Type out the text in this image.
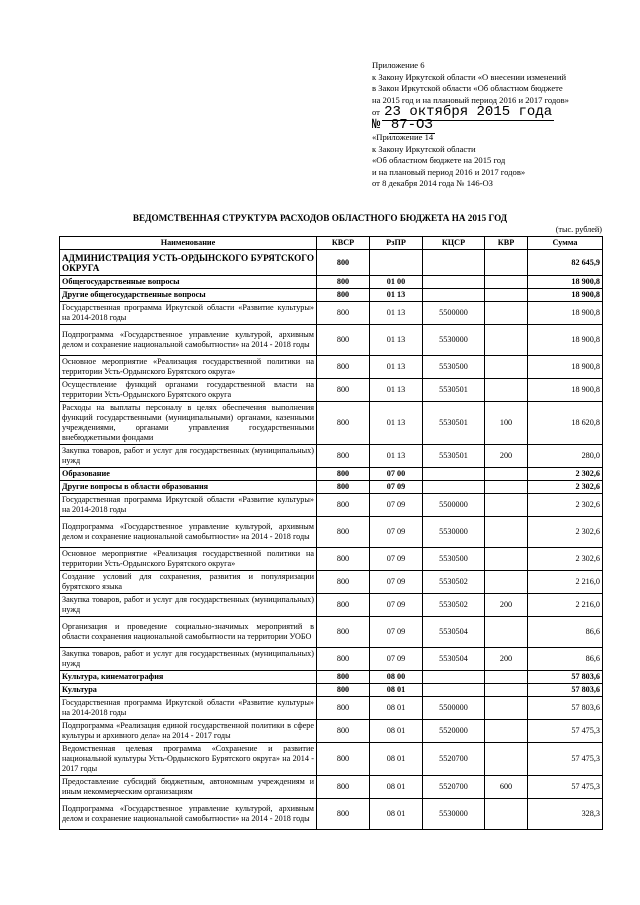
Приложение 6
к Закону Иркутской области «О внесении изменений
в Закон Иркутской области «Об областном бюджете
на 2015 год и на плановый период 2016 и 2017 годов»
от 23 октября 2015 года
№ 87-ОЗ
«Приложение 14
к Закону Иркутской области
«Об областном бюджете на 2015 год
и на плановый период 2016 и 2017 годов»
от 8 декабря 2014 года № 146-ОЗ
ВЕДОМСТВЕННАЯ СТРУКТУРА РАСХОДОВ ОБЛАСТНОГО БЮДЖЕТА НА 2015 ГОД
(тыс. рублей)
Наименование	КВСР	РзПР	КЦСР	КВР	Сумма
АДМИНИСТРАЦИЯ УСТЬ-ОРДЫНСКОГО БУРЯТСКОГО ОКРУГА	800				82 645,9
Общегосударственные вопросы	800	01 00			18 900,8
Другие общегосударственные вопросы	800	01 13			18 900,8
Государственная программа Иркутской области «Развитие культуры» на 2014-2018 годы	800	01 13	5500000		18 900,8
Подпрограмма «Государственное управление культурой, архивным делом и сохранение национальной самобытности» на 2014 - 2018 годы	800	01 13	5530000		18 900,8
Основное мероприятие «Реализация государственной политики на территории Усть-Ордынского Бурятского округа»	800	01 13	5530500		18 900,8
Осуществление функций органами государственной власти на территории Усть-Ордынского Бурятского округа	800	01 13	5530501		18 900,8
Расходы на выплаты персоналу в целях обеспечения выполнения функций государственными (муниципальными) органами, казенными учреждениями, органами управления государственными внебюджетными фондами	800	01 13	5530501	100	18 620,8
Закупка товаров, работ и услуг для государственных (муниципальных) нужд	800	01 13	5530501	200	280,0
Образование	800	07 00			2 302,6
Другие вопросы в области образования	800	07 09			2 302,6
Государственная программа Иркутской области «Развитие культуры» на 2014-2018 годы	800	07 09	5500000		2 302,6
Подпрограмма «Государственное управление культурой, архивным делом и сохранение национальной самобытности» на 2014 - 2018 годы	800	07 09	5530000		2 302,6
Основное мероприятие «Реализация государственной политики на территории Усть-Ордынского Бурятского округа»	800	07 09	5530500		2 302,6
Создание условий для сохранения, развития и популяризации бурятского языка	800	07 09	5530502		2 216,0
Закупка товаров, работ и услуг для государственных (муниципальных) нужд	800	07 09	5530502	200	2 216,0
Организация и проведение социально-значимых мероприятий в области сохранения национальной самобытности на территории УОБО	800	07 09	5530504		86,6
Закупка товаров, работ и услуг для государственных (муниципальных) нужд	800	07 09	5530504	200	86,6
Культура, кинематография	800	08 00			57 803,6
Культура	800	08 01			57 803,6
Государственная программа Иркутской области «Развитие культуры» на 2014-2018 годы	800	08 01	5500000		57 803,6
Подпрограмма «Реализация единой государственной политики в сфере культуры и архивного дела» на 2014 - 2017 годы	800	08 01	5520000		57 475,3
Ведомственная целевая программа «Сохранение и развитие национальной культуры Усть-Ордынского Бурятского округа» на 2014 - 2017 годы	800	08 01	5520700		57 475,3
Предоставление субсидий бюджетным, автономным учреждениям и иным некоммерческим организациям	800	08 01	5520700	600	57 475,3
Подпрограмма «Государственное управление культурой, архивным делом и сохранение национальной самобытности» на 2014 - 2018 годы	800	08 01	5530000		328,3
